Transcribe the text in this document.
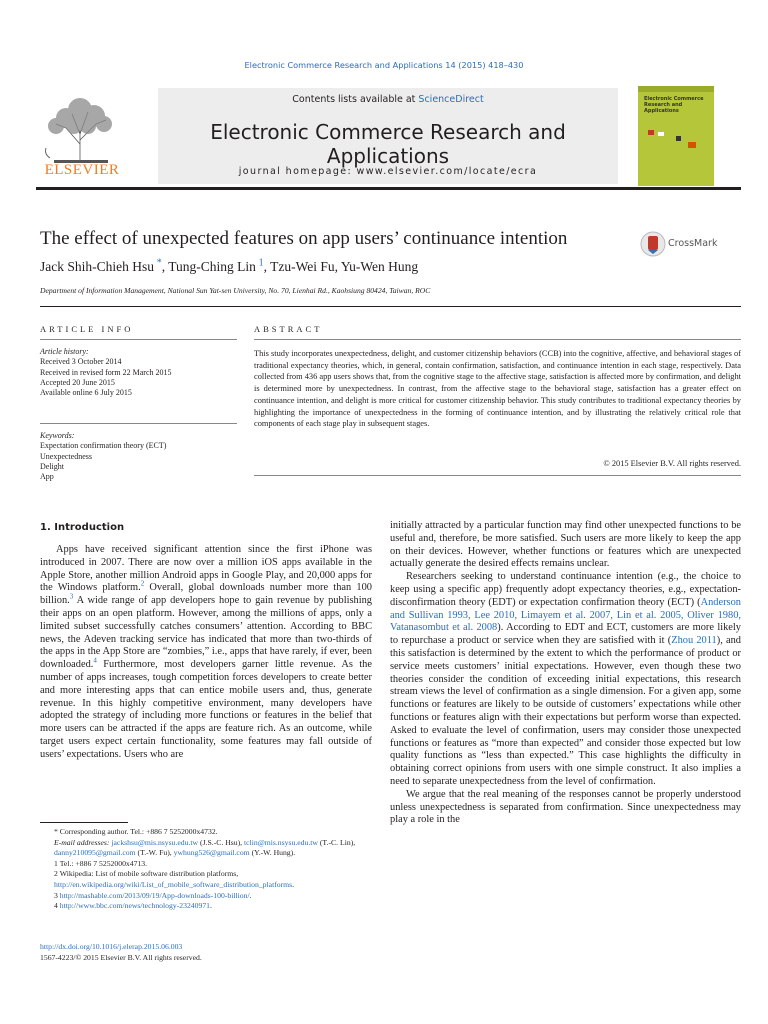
Electronic Commerce Research and Applications 14 (2015) 418–430
Contents lists available at ScienceDirect
Electronic Commerce Research and Applications
journal homepage: www.elsevier.com/locate/ecra
ELSEVIER
Electronic Commerce Research and Applications
The effect of unexpected features on app users’ continuance intention	CrossMark
Jack Shih-Chieh Hsu  *, Tung-Ching Lin  $^1$, Tzu-Wei Fu, Yu-Wen Hung
Department of Information Management, National Sun Yat-sen University, No. 70, Lienhai Rd., Kaohsiung 80424, Taiwan, ROC
ARTICLE INFO	ABSTRACT
Article history:
Received 3 October 2014
Received in revised form 22 March 2015
Accepted 20 June 2015
Available online 6 July 2015
Keywords:
Expectation confirmation theory (ECT)
Unexpectedness
Delight
App
This study incorporates unexpectedness, delight, and customer citizenship behaviors (CCB) into the cognitive, affective, and behavioral stages of traditional expectancy theories, which, in general, contain confirmation, satisfaction, and continuance intention in each stage, respectively. Data collected from 436 app users shows that, from the cognitive stage to the affective stage, satisfaction is affected more by confirmation, and delight is determined more by unexpectedness. In contrast, from the affective stage to the behavioral stage, satisfaction has a greater effect on continuance intention, and delight is more critical for customer citizenship behavior. This study contributes to traditional expectancy theories by highlighting the importance of unexpectedness in the forming of continuance intention, and by illustrating the relatively critical role that components of each stage play in subsequent stages.
© 2015 Elsevier B.V. All rights reserved.
1. Introduction

Apps have received significant attention since the first iPhone was introduced in 2007. There are now over a million iOS apps available in the Apple Store, another million Android apps in Google Play, and 20,000 apps for the Windows platform.$^2$ Overall, global downloads number more than 100 billion.$^3$ A wide range of app developers hope to gain revenue by publishing their apps on an open platform. However, among the millions of apps, only a limited subset successfully catches consumers’ attention. According to BBC news, the Adeven tracking service has indicated that more than two-thirds of the apps in the App Store are “zombies,” i.e., apps that have rarely, if ever, been downloaded.$^4$ Furthermore, most developers garner little revenue. As the number of apps increases, tough competition forces developers to create better and more interesting apps that can entice mobile users and, thus, generate revenue. In this highly competitive environment, many developers have adopted the strategy of including more functions or features in the belief that more users can be attracted if the apps are feature rich. As an outcome, while target users expect certain functionality, some features may fall outside of users’ expectations. Users who are

initially attracted by a particular function may find other unexpected functions to be useful and, therefore, be more satisfied. Such users are more likely to keep the app on their devices. However, whether functions or features which are unexpected actually generate the desired effects remains unclear.

Researchers seeking to understand continuance intention (e.g., the choice to keep using a specific app) frequently adopt expectancy theories, e.g., expectation-disconfirmation theory (EDT) or expectation confirmation theory (ECT) (Anderson and Sullivan 1993, Lee 2010, Limayem et al. 2007, Lin et al. 2005, Oliver 1980, Vatanasombut et al. 2008). According to EDT and ECT, customers are more likely to repurchase a product or service when they are satisfied with it (Zhou 2011), and this satisfaction is determined by the extent to which the performance of product or service meets customers’ initial expectations. However, even though these two theories consider the condition of exceeding initial expectations, this research stream views the level of confirmation as a single dimension. For a given app, some functions or features are likely to be outside of customers’ expectations while other functions or features align with their expectations but perform worse than expected. Asked to evaluate the level of confirmation, users may consider those unexpected functions or features as “more than expected” and consider those expected but low quality functions as “less than expected.” This case highlights the difficulty in obtaining correct opinions from users with one simple construct. It also implies a need to separate unexpectedness from the level of confirmation.

We argue that the real meaning of the responses cannot be properly understood unless unexpectedness is separated from confirmation. Since unexpectedness may play a role in the

* Corresponding author. Tel.: +886 7 5252000x4732.
E-mail addresses: jackshsu@mis.nsysu.edu.tw (J.S.-C. Hsu), tclin@mis.nsysu.edu.tw (T.-C. Lin), danny210095@gmail.com (T.-W. Fu), ywhung526@gmail.com (Y.-W. Hung).
1 Tel.: +886 7 5252000x4713.
2 Wikipedia: List of mobile software distribution platforms, http://en.wikipedia.org/wiki/List_of_mobile_software_distribution_platforms.
3 http://mashable.com/2013/09/19/App-downloads-100-billion/.
4 http://www.bbc.com/news/technology-23240971.
http://dx.doi.org/10.1016/j.elerap.2015.06.003
1567-4223/© 2015 Elsevier B.V. All rights reserved.
